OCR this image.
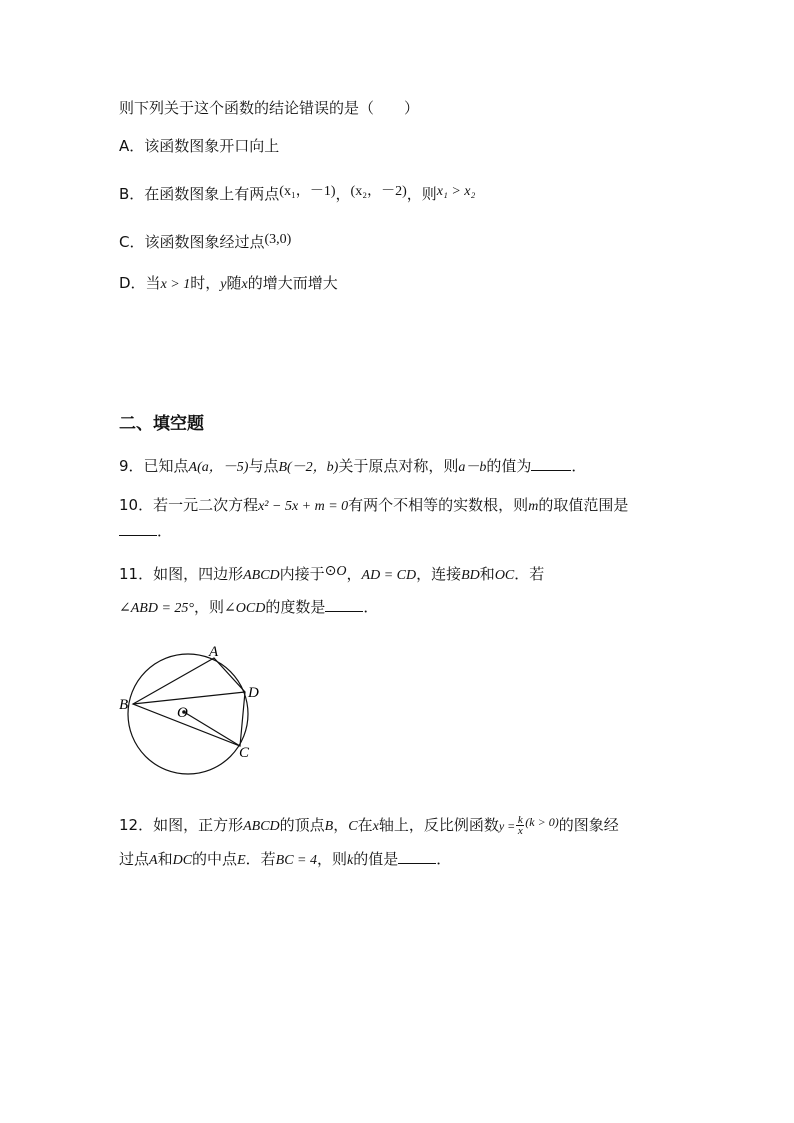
则下列关于这个函数的结论错误的是（　　）
A．该函数图象开口向上
B．在函数图象上有两点(x₁，－1)，(x₂，－2)，则x₁ > x₂
C．该函数图象经过点(3,0)
D．当x > 1时，y随x的增大而增大
二、填空题
9．已知点A(a，－5)与点B(－2，b)关于原点对称，则a－b的值为	．
10．若一元二次方程x² − 5x + m = 0有两个不相等的实数根，则m的取值范围是
．
11．如图，四边形ABCD内接于⊙O，AD = CD，连接BD和OC．若
∠ABD = 25°，则∠OCD的度数是	．
A
B
C
D
O
12．如图，正方形ABCD的顶点B，C在x轴上，反比例函数$y = \frac{k}{x} ^{(k > 0)}$的图象经
过点A和DC的中点E．若BC = 4，则k的值是	．
